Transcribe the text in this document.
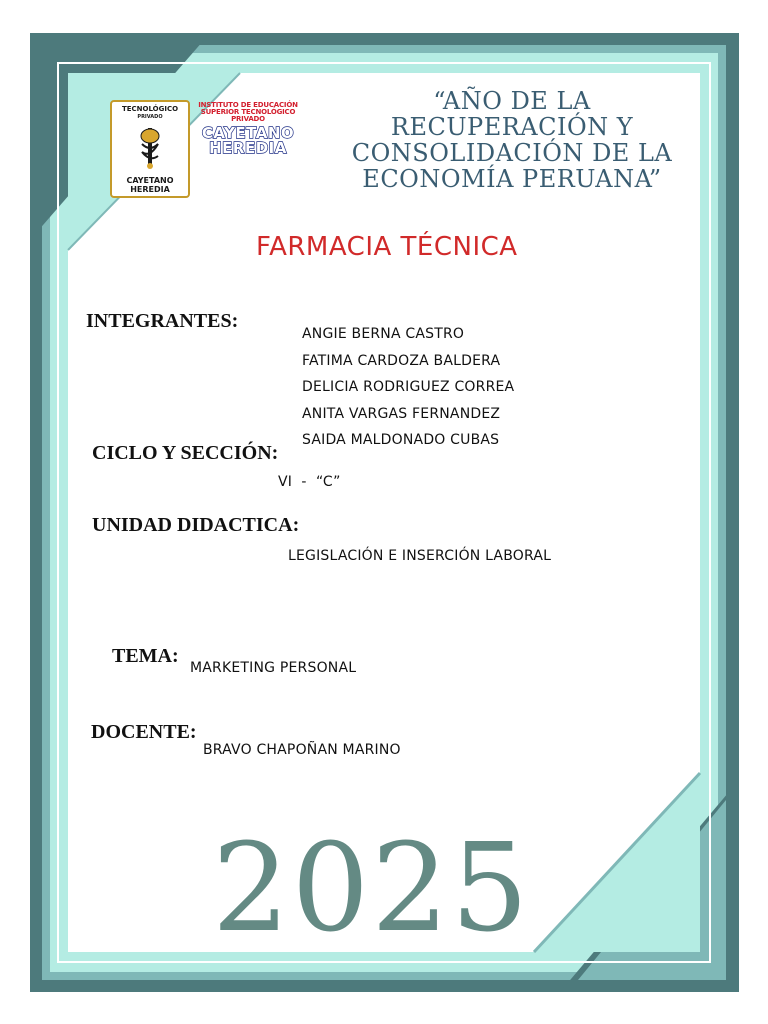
TECNOLÓGICO
PRIVADO
CAYETANO HEREDIA
INSTITUTO DE EDUCACIÓN
SUPERIOR TECNOLÓGICO
PRIVADO
CAYETANO
HEREDIA
“AÑO DE LA
RECUPERACIÓN Y
CONSOLIDACIÓN DE LA
ECONOMÍA PERUANA”
FARMACIA TÉCNICA
INTEGRANTES:
ANGIE BERNA CASTRO
FATIMA CARDOZA BALDERA
DELICIA RODRIGUEZ CORREA
ANITA VARGAS FERNANDEZ
SAIDA MALDONADO CUBAS
CICLO Y SECCIÓN:
VI  -  “C”
UNIDAD DIDACTICA:
LEGISLACIÓN E INSERCIÓN LABORAL
TEMA:
MARKETING PERSONAL
DOCENTE:
BRAVO CHAPOÑAN MARINO
2025
